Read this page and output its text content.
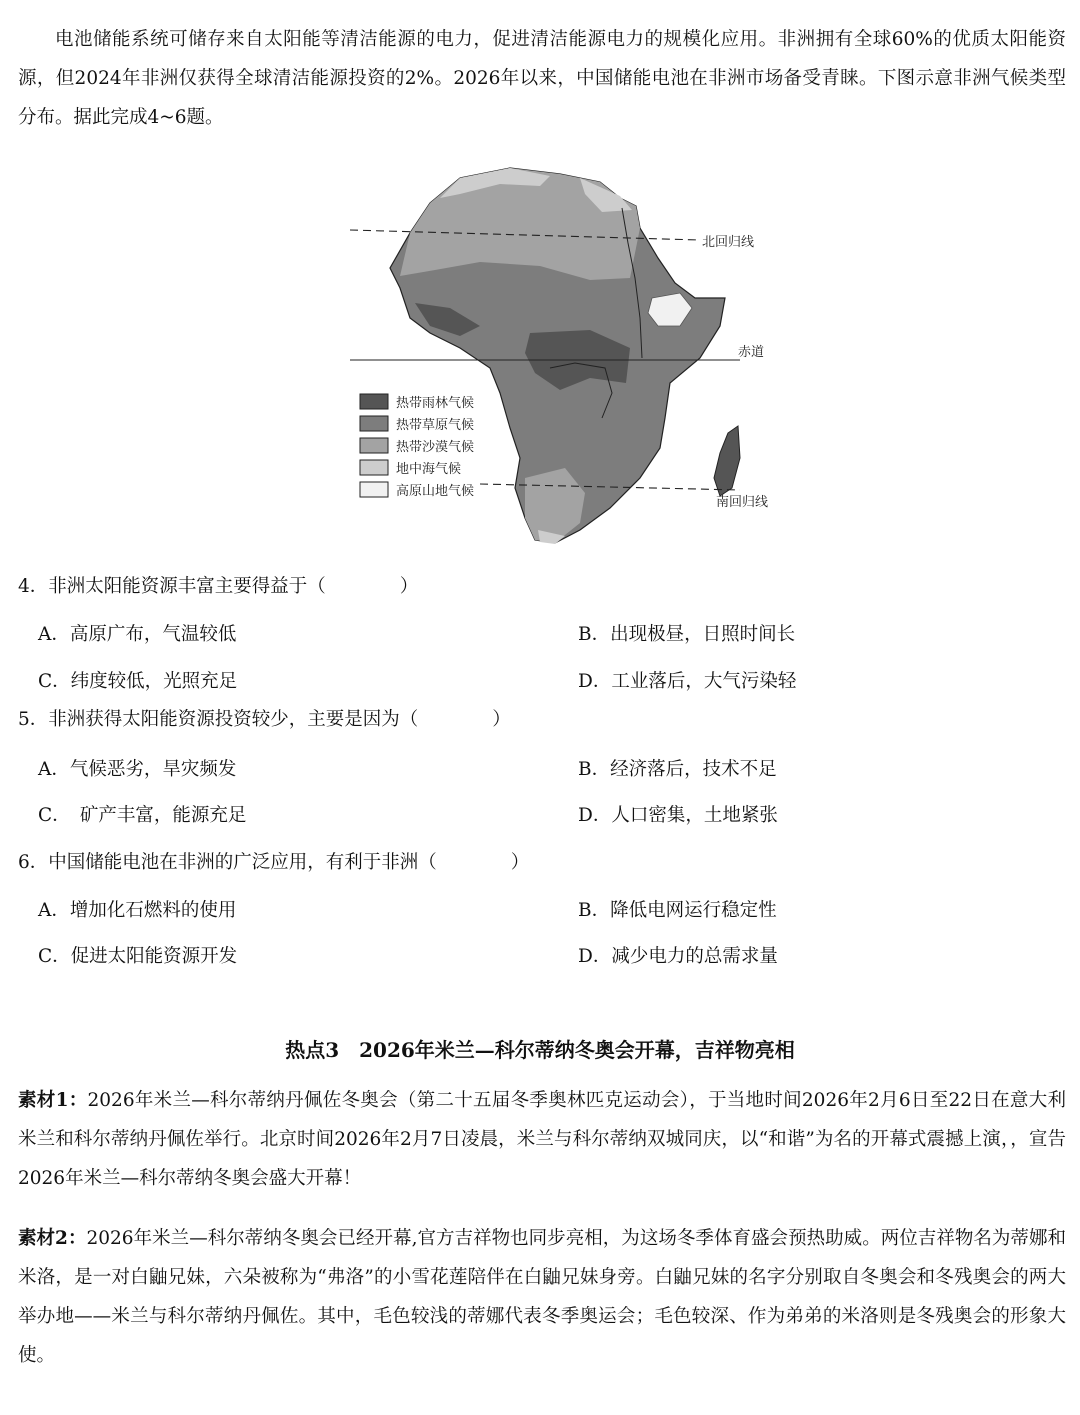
电池储能系统可储存来自太阳能等清洁能源的电力，促进清洁能源电力的规模化应用。非洲拥有全球60%的优质太阳能资源，但2024年非洲仅获得全球清洁能源投资的2%。2026年以来，中国储能电池在非洲市场备受青睐。下图示意非洲气候类型分布。据此完成4~6题。
北回归线
赤道
南回归线
热带雨林气候
热带草原气候
热带沙漠气候
地中海气候
高原山地气候
4．非洲太阳能资源丰富主要得益于（　　　　）
A．高原广布，气温较低	B．出现极昼，日照时间长
C．纬度较低，光照充足	D．工业落后，大气污染轻
5．非洲获得太阳能资源投资较少，主要是因为（　　　　）
A．气候恶劣，旱灾频发	B．经济落后，技术不足
C．　矿产丰富，能源充足	D．人口密集，土地紧张
6．中国储能电池在非洲的广泛应用，有利于非洲（　　　　）
A．增加化石燃料的使用	B．降低电网运行稳定性
C．促进太阳能资源开发	D．减少电力的总需求量
热点3　2026年米兰—科尔蒂纳冬奥会开幕，吉祥物亮相
素材1：2026年米兰—科尔蒂纳丹佩佐冬奥会（第二十五届冬季奥林匹克运动会），于当地时间2026年2月6日至22日在意大利米兰和科尔蒂纳丹佩佐举行。北京时间2026年2月7日凌晨，米兰与科尔蒂纳双城同庆，以“和谐”为名的开幕式震撼上演，，宣告2026年米兰—科尔蒂纳冬奥会盛大开幕！
素材2：2026年米兰—科尔蒂纳冬奥会已经开幕,官方吉祥物也同步亮相，为这场冬季体育盛会预热助威。两位吉祥物名为蒂娜和米洛，是一对白鼬兄妹，六朵被称为“弗洛”的小雪花莲陪伴在白鼬兄妹身旁。白鼬兄妹的名字分别取自冬奥会和冬残奥会的两大举办地——米兰与科尔蒂纳丹佩佐。其中，毛色较浅的蒂娜代表冬季奥运会；毛色较深、作为弟弟的米洛则是冬残奥会的形象大使。
